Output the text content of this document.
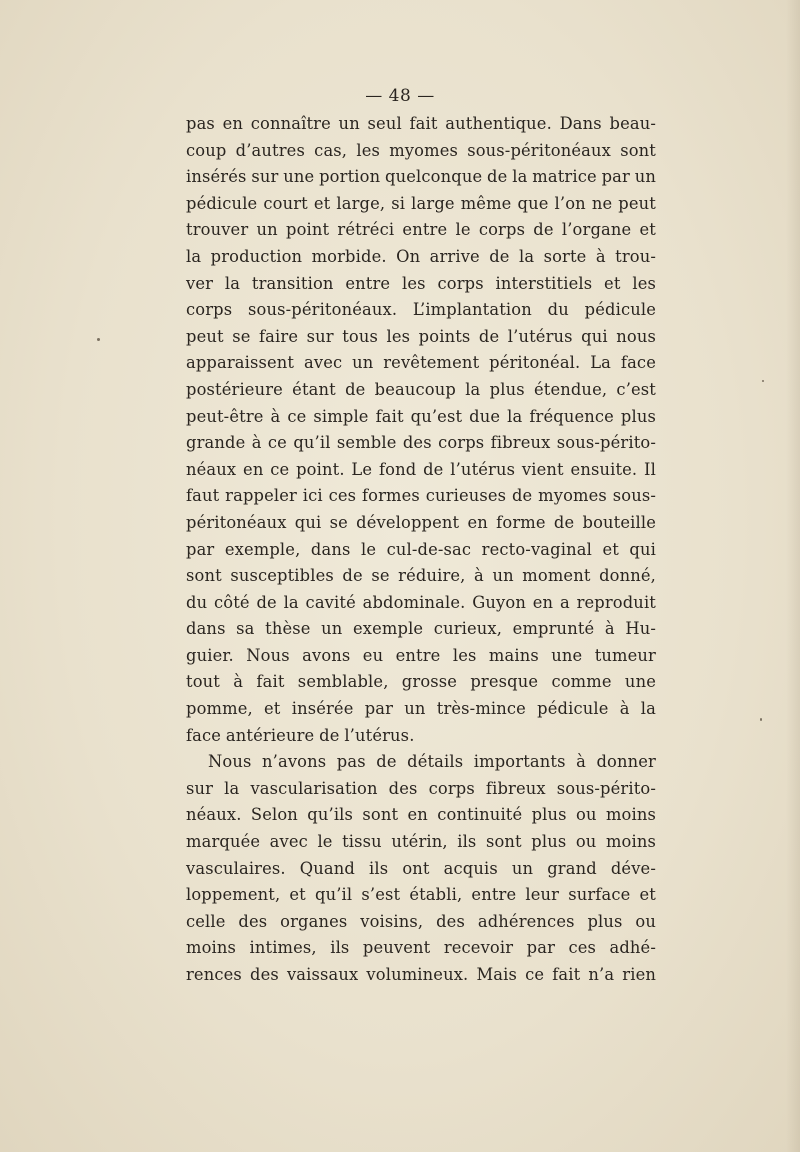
— 48 —
pas en connaître un seul fait authentique. Dans beau-
coup d’autres cas, les myomes sous-péritonéaux sont
insérés sur une portion quelconque de la matrice par un
pédicule court et large, si large même que l’on ne peut
trouver un point rétréci entre le corps de l’organe et
la production morbide. On arrive de la sorte à trou-
ver la transition entre les corps interstitiels et les
corps sous-péritonéaux. L’implantation du pédicule
peut se faire sur tous les points de l’utérus qui nous
apparaissent avec un revêtement péritonéal. La face
postérieure étant de beaucoup la plus étendue, c’est
peut-être à ce simple fait qu’est due la fréquence plus
grande à ce qu’il semble des corps fibreux sous-périto-
néaux en ce point. Le fond de l’utérus vient ensuite. Il
faut rappeler ici ces formes curieuses de myomes sous-
péritonéaux qui se développent en forme de bouteille
par exemple, dans le cul-de-sac recto-vaginal et qui
sont susceptibles de se réduire, à un moment donné,
du côté de la cavité abdominale. Guyon en a reproduit
dans sa thèse un exemple curieux, emprunté à Hu-
guier. Nous avons eu entre les mains une tumeur
tout à fait semblable, grosse presque comme une
pomme, et insérée par un très-mince pédicule à la
face antérieure de l’utérus.
Nous n’avons pas de détails importants à donner
sur la vascularisation des corps fibreux sous-périto-
néaux. Selon qu’ils sont en continuité plus ou moins
marquée avec le tissu utérin, ils sont plus ou moins
vasculaires. Quand ils ont acquis un grand déve-
loppement, et qu’il s’est établi, entre leur surface et
celle des organes voisins, des adhérences plus ou
moins intimes, ils peuvent recevoir par ces adhé-
rences des vaissaux volumineux. Mais ce fait n’a rien
